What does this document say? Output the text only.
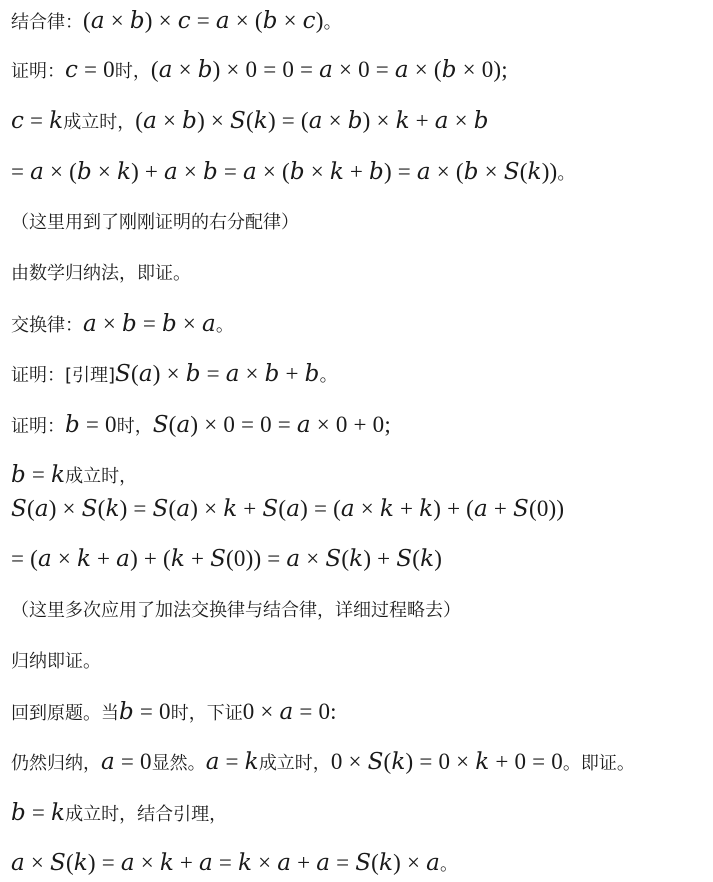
结合律：(𝑎 × 𝑏) × 𝑐 = 𝑎 × (𝑏 × 𝑐)。
证明：𝑐 = 0时，(𝑎 × 𝑏) × 0 = 0 = 𝑎 × 0 = 𝑎 × (𝑏 × 0);
𝑐 = 𝑘成立时，(𝑎 × 𝑏) × 𝑆(𝑘) = (𝑎 × 𝑏) × 𝑘 + 𝑎 × 𝑏
= 𝑎 × (𝑏 × 𝑘) + 𝑎 × 𝑏 = 𝑎 × (𝑏 × 𝑘 + 𝑏) = 𝑎 × (𝑏 × 𝑆(𝑘))。
（这里用到了刚刚证明的右分配律）
由数学归纳法，即证。
交换律：𝑎 × 𝑏 = 𝑏 × 𝑎。
证明：[引理]𝑆(𝑎) × 𝑏 = 𝑎 × 𝑏 + 𝑏。
证明：𝑏 = 0时，𝑆(𝑎) × 0 = 0 = 𝑎 × 0 + 0;
𝑏 = 𝑘成立时，
𝑆(𝑎) × 𝑆(𝑘) = 𝑆(𝑎) × 𝑘 + 𝑆(𝑎) = (𝑎 × 𝑘 + 𝑘) + (𝑎 + 𝑆(0))
= (𝑎 × 𝑘 + 𝑎) + (𝑘 + 𝑆(0)) = 𝑎 × 𝑆(𝑘) + 𝑆(𝑘)
（这里多次应用了加法交换律与结合律，详细过程略去）
归纳即证。
回到原题。当𝑏 = 0时，下证0 × 𝑎 = 0:
仍然归纳，𝑎 = 0显然。𝑎 = 𝑘成立时，0 × 𝑆(𝑘) = 0 × 𝑘 + 0 = 0。即证。
𝑏 = 𝑘成立时，结合引理，
𝑎 × 𝑆(𝑘) = 𝑎 × 𝑘 + 𝑎 = 𝑘 × 𝑎 + 𝑎 = 𝑆(𝑘) × 𝑎。
